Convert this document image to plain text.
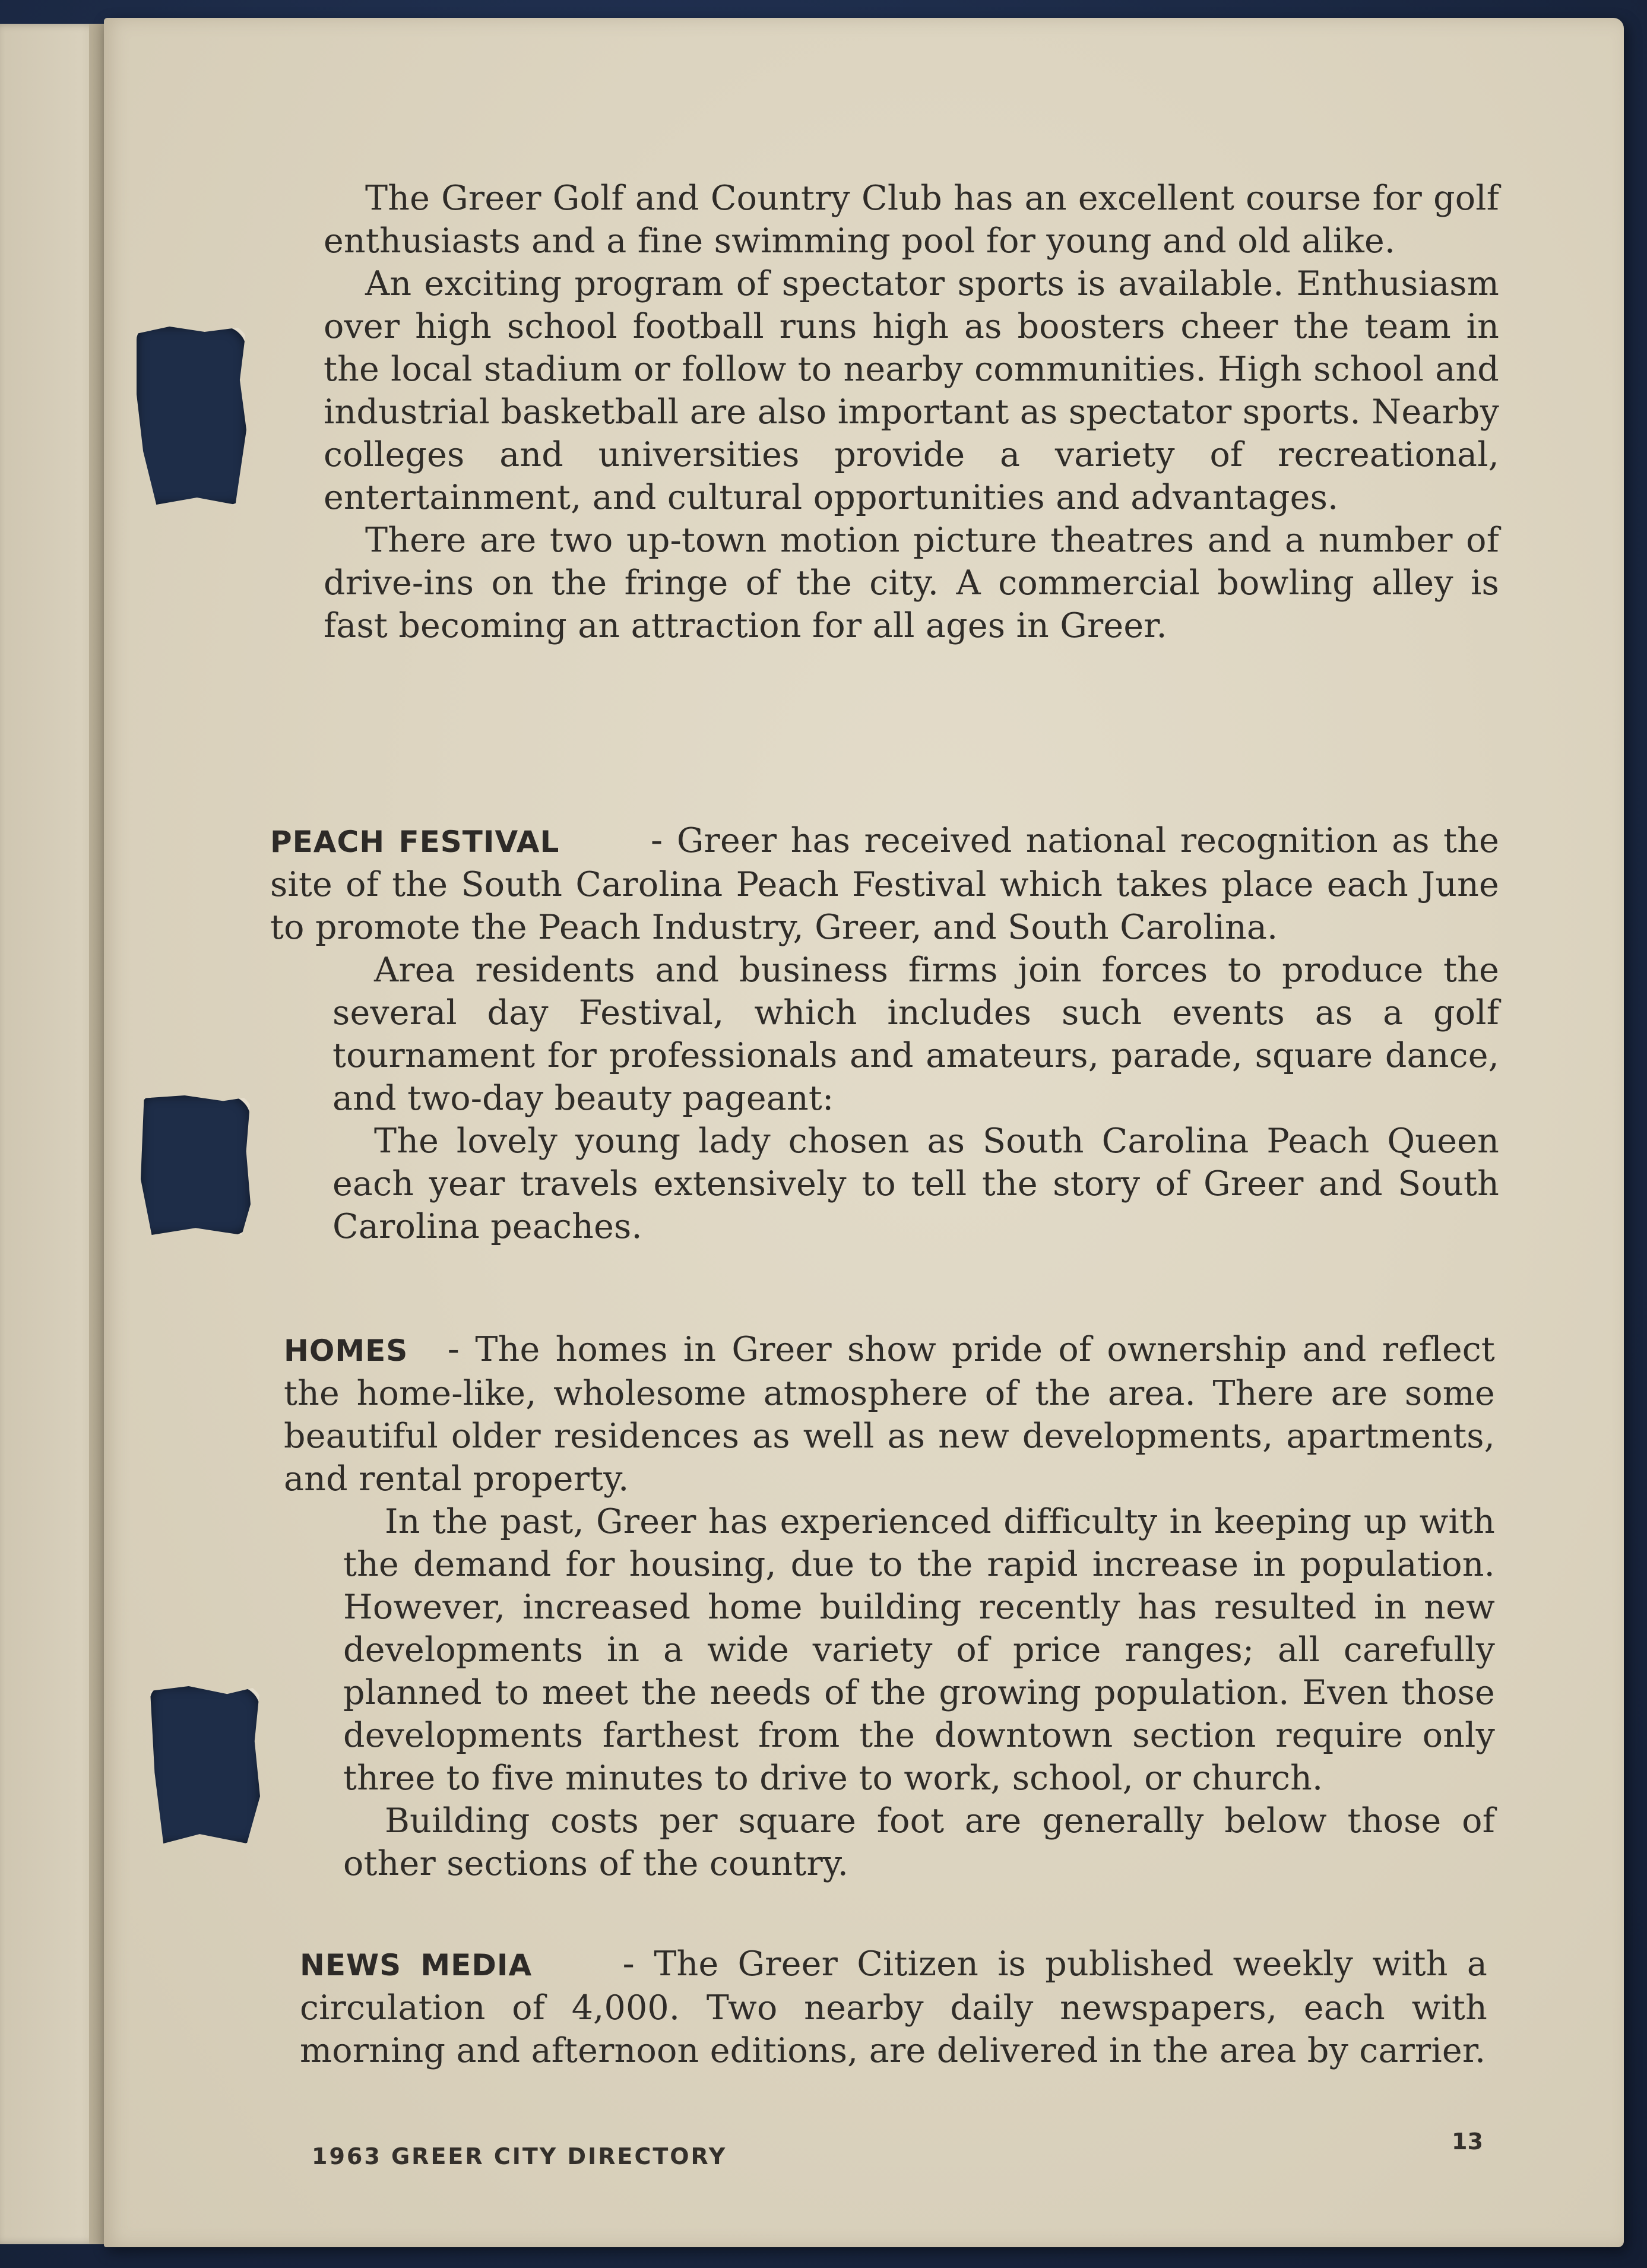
The Greer Golf and Country Club has an excellent course for golf enthusiasts and a fine swimming pool for young and old alike.

An exciting program of spectator sports is available. Enthusiasm over high school football runs high as boosters cheer the team in the local stadium or follow to nearby communities. High school and industrial basketball are also important as spectator sports. Nearby colleges and universities provide a variety of recreational, entertainment, and cultural opportunities and advantages.

There are two up-town motion picture theatres and a number of drive-ins on the fringe of the city. A commercial bowling alley is fast becoming an attraction for all ages in Greer.

PEACH FESTIVAL	- Greer has received national recognition as the site of the South Carolina Peach Festival which takes place each June to promote the Peach Industry, Greer, and South Carolina.

Area residents and business firms join forces to produce the several day Festival, which includes such events as a golf tournament for professionals and amateurs, parade, square dance, and two-day beauty pageant:

The lovely young lady chosen as South Carolina Peach Queen each year travels extensively to tell the story of Greer and South Carolina peaches.

HOMES - The homes in Greer show pride of ownership and reflect the home-like, wholesome atmosphere of the area. There are some beautiful older residences as well as new developments, apartments, and rental property.

In the past, Greer has experienced difficulty in keeping up with the demand for housing, due to the rapid increase in population. However, increased home building recently has resulted in new developments in a wide variety of price ranges; all carefully planned to meet the needs of the growing population. Even those developments farthest from the downtown section require only three to five minutes to drive to work, school, or church.

Building costs per square foot are generally below those of other sections of the country.

NEWS MEDIA	- The Greer Citizen is published weekly with a circulation of 4,000. Two nearby daily newspapers, each with morning and afternoon editions, are delivered in the area by carrier.

1963 GREER CITY DIRECTORY
13
